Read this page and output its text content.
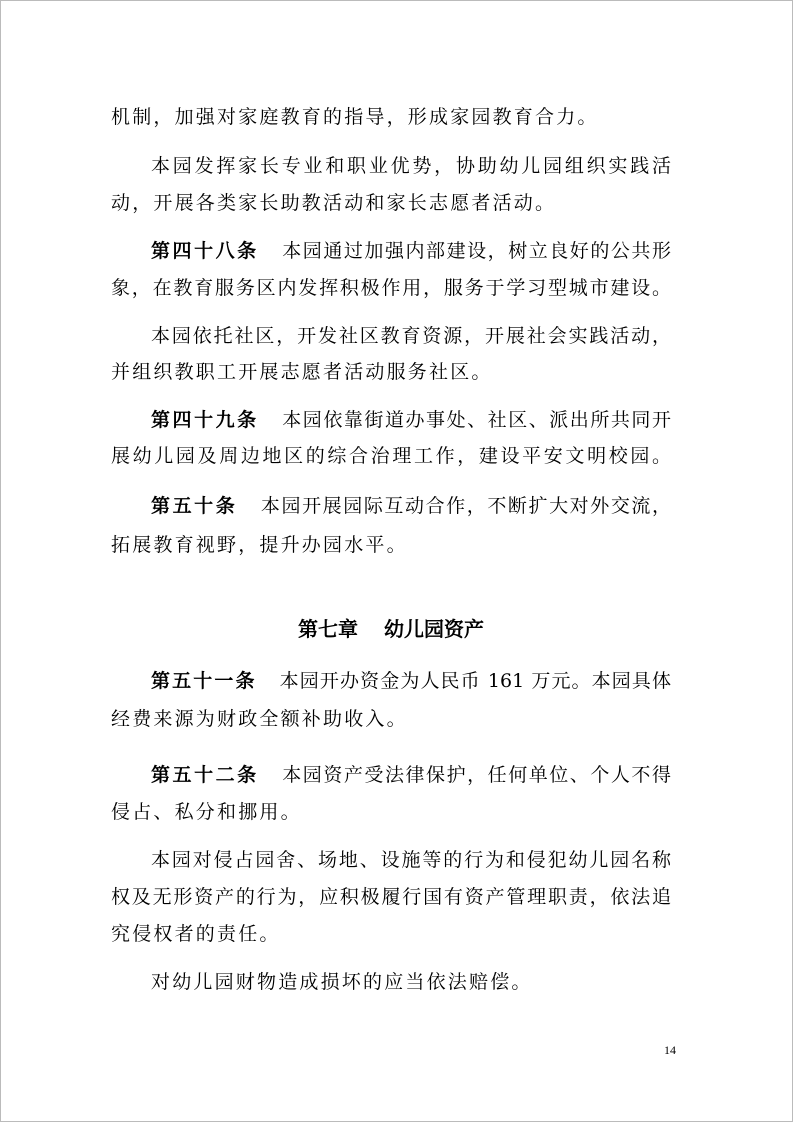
机制，加强对家庭教育的指导，形成家园教育合力。
本园发挥家长专业和职业优势，协助幼儿园组织实践活
动，开展各类家长助教活动和家长志愿者活动。
第四十八条 本园通过加强内部建设，树立良好的公共形
象，在教育服务区内发挥积极作用，服务于学习型城市建设。
本园依托社区，开发社区教育资源，开展社会实践活动，
并组织教职工开展志愿者活动服务社区。
第四十九条 本园依靠街道办事处、社区、派出所共同开
展幼儿园及周边地区的综合治理工作，建设平安文明校园。
第五十条 本园开展园际互动合作，不断扩大对外交流，
拓展教育视野，提升办园水平。
第七章 幼儿园资产
第五十一条 本园开办资金为人民币 161 万元。本园具体
经费来源为财政全额补助收入。
第五十二条 本园资产受法律保护，任何单位、个人不得
侵占、私分和挪用。
本园对侵占园舍、场地、设施等的行为和侵犯幼儿园名称
权及无形资产的行为，应积极履行国有资产管理职责，依法追
究侵权者的责任。
对幼儿园财物造成损坏的应当依法赔偿。
14
